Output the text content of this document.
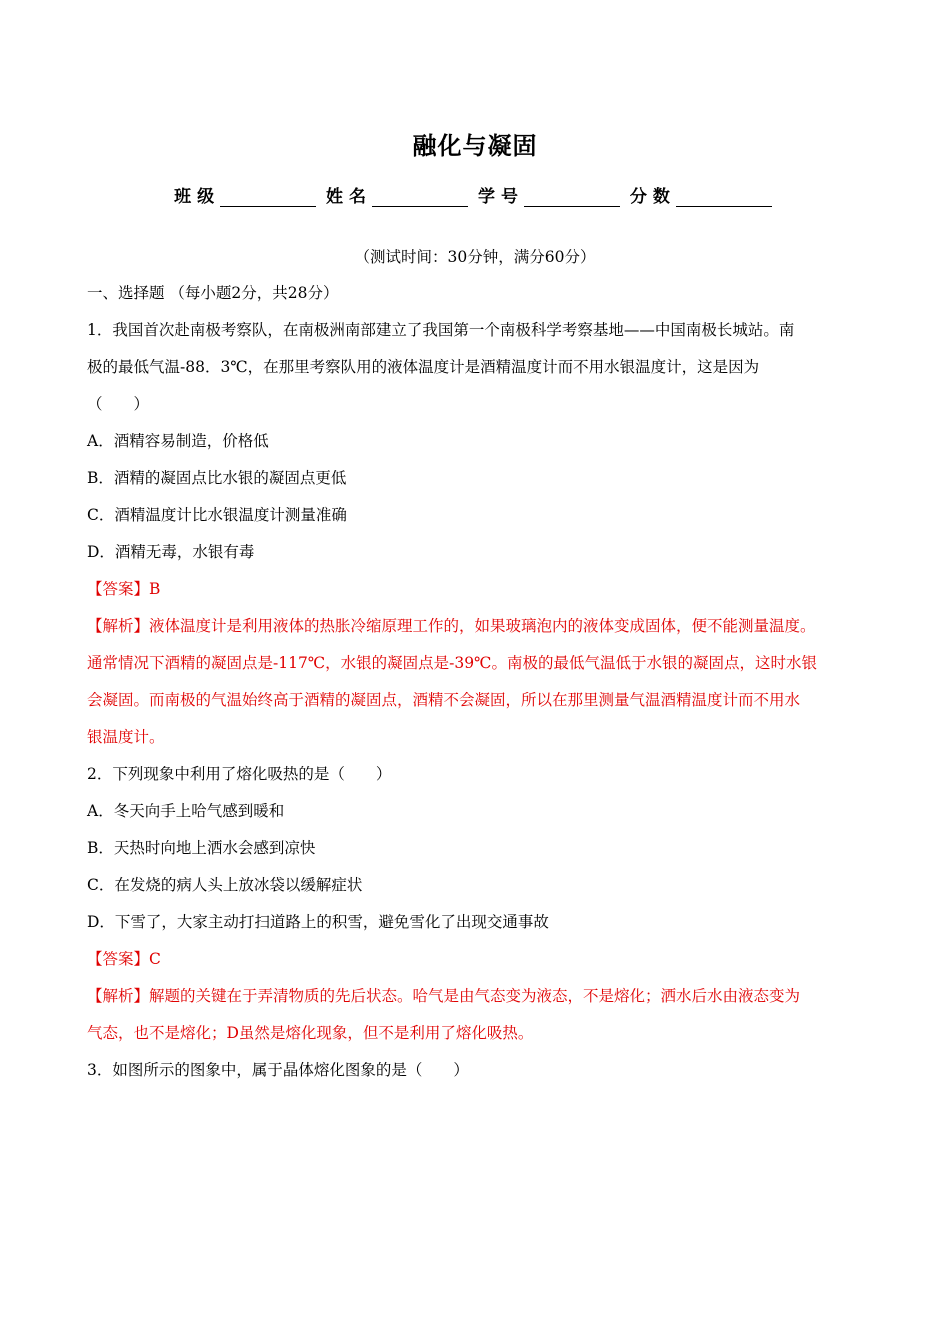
融化与凝固
班级	姓名	学号	分数
（测试时间：30分钟，满分60分）
一、选择题 （每小题2分，共28分）
1．我国首次赴南极考察队，在南极洲南部建立了我国第一个南极科学考察基地——中国南极长城站。南
极的最低气温-88．3℃，在那里考察队用的液体温度计是酒精温度计而不用水银温度计，这是因为
（　　）
A．酒精容易制造，价格低
B．酒精的凝固点比水银的凝固点更低
C．酒精温度计比水银温度计测量准确
D．酒精无毒，水银有毒
【答案】B
【解析】液体温度计是利用液体的热胀冷缩原理工作的，如果玻璃泡内的液体变成固体，便不能测量温度。
通常情况下酒精的凝固点是-117℃，水银的凝固点是-39℃。南极的最低气温低于水银的凝固点，这时水银
会凝固。而南极的气温始终高于酒精的凝固点，酒精不会凝固，所以在那里测量气温酒精温度计而不用水
银温度计。
2．下列现象中利用了熔化吸热的是（　　）
A．冬天向手上哈气感到暖和
B．天热时向地上洒水会感到凉快
C．在发烧的病人头上放冰袋以缓解症状
D．下雪了，大家主动打扫道路上的积雪，避免雪化了出现交通事故
【答案】C
【解析】解题的关键在于弄清物质的先后状态。哈气是由气态变为液态，不是熔化；洒水后水由液态变为
气态，也不是熔化；D虽然是熔化现象，但不是利用了熔化吸热。
3．如图所示的图象中，属于晶体熔化图象的是（　　）
